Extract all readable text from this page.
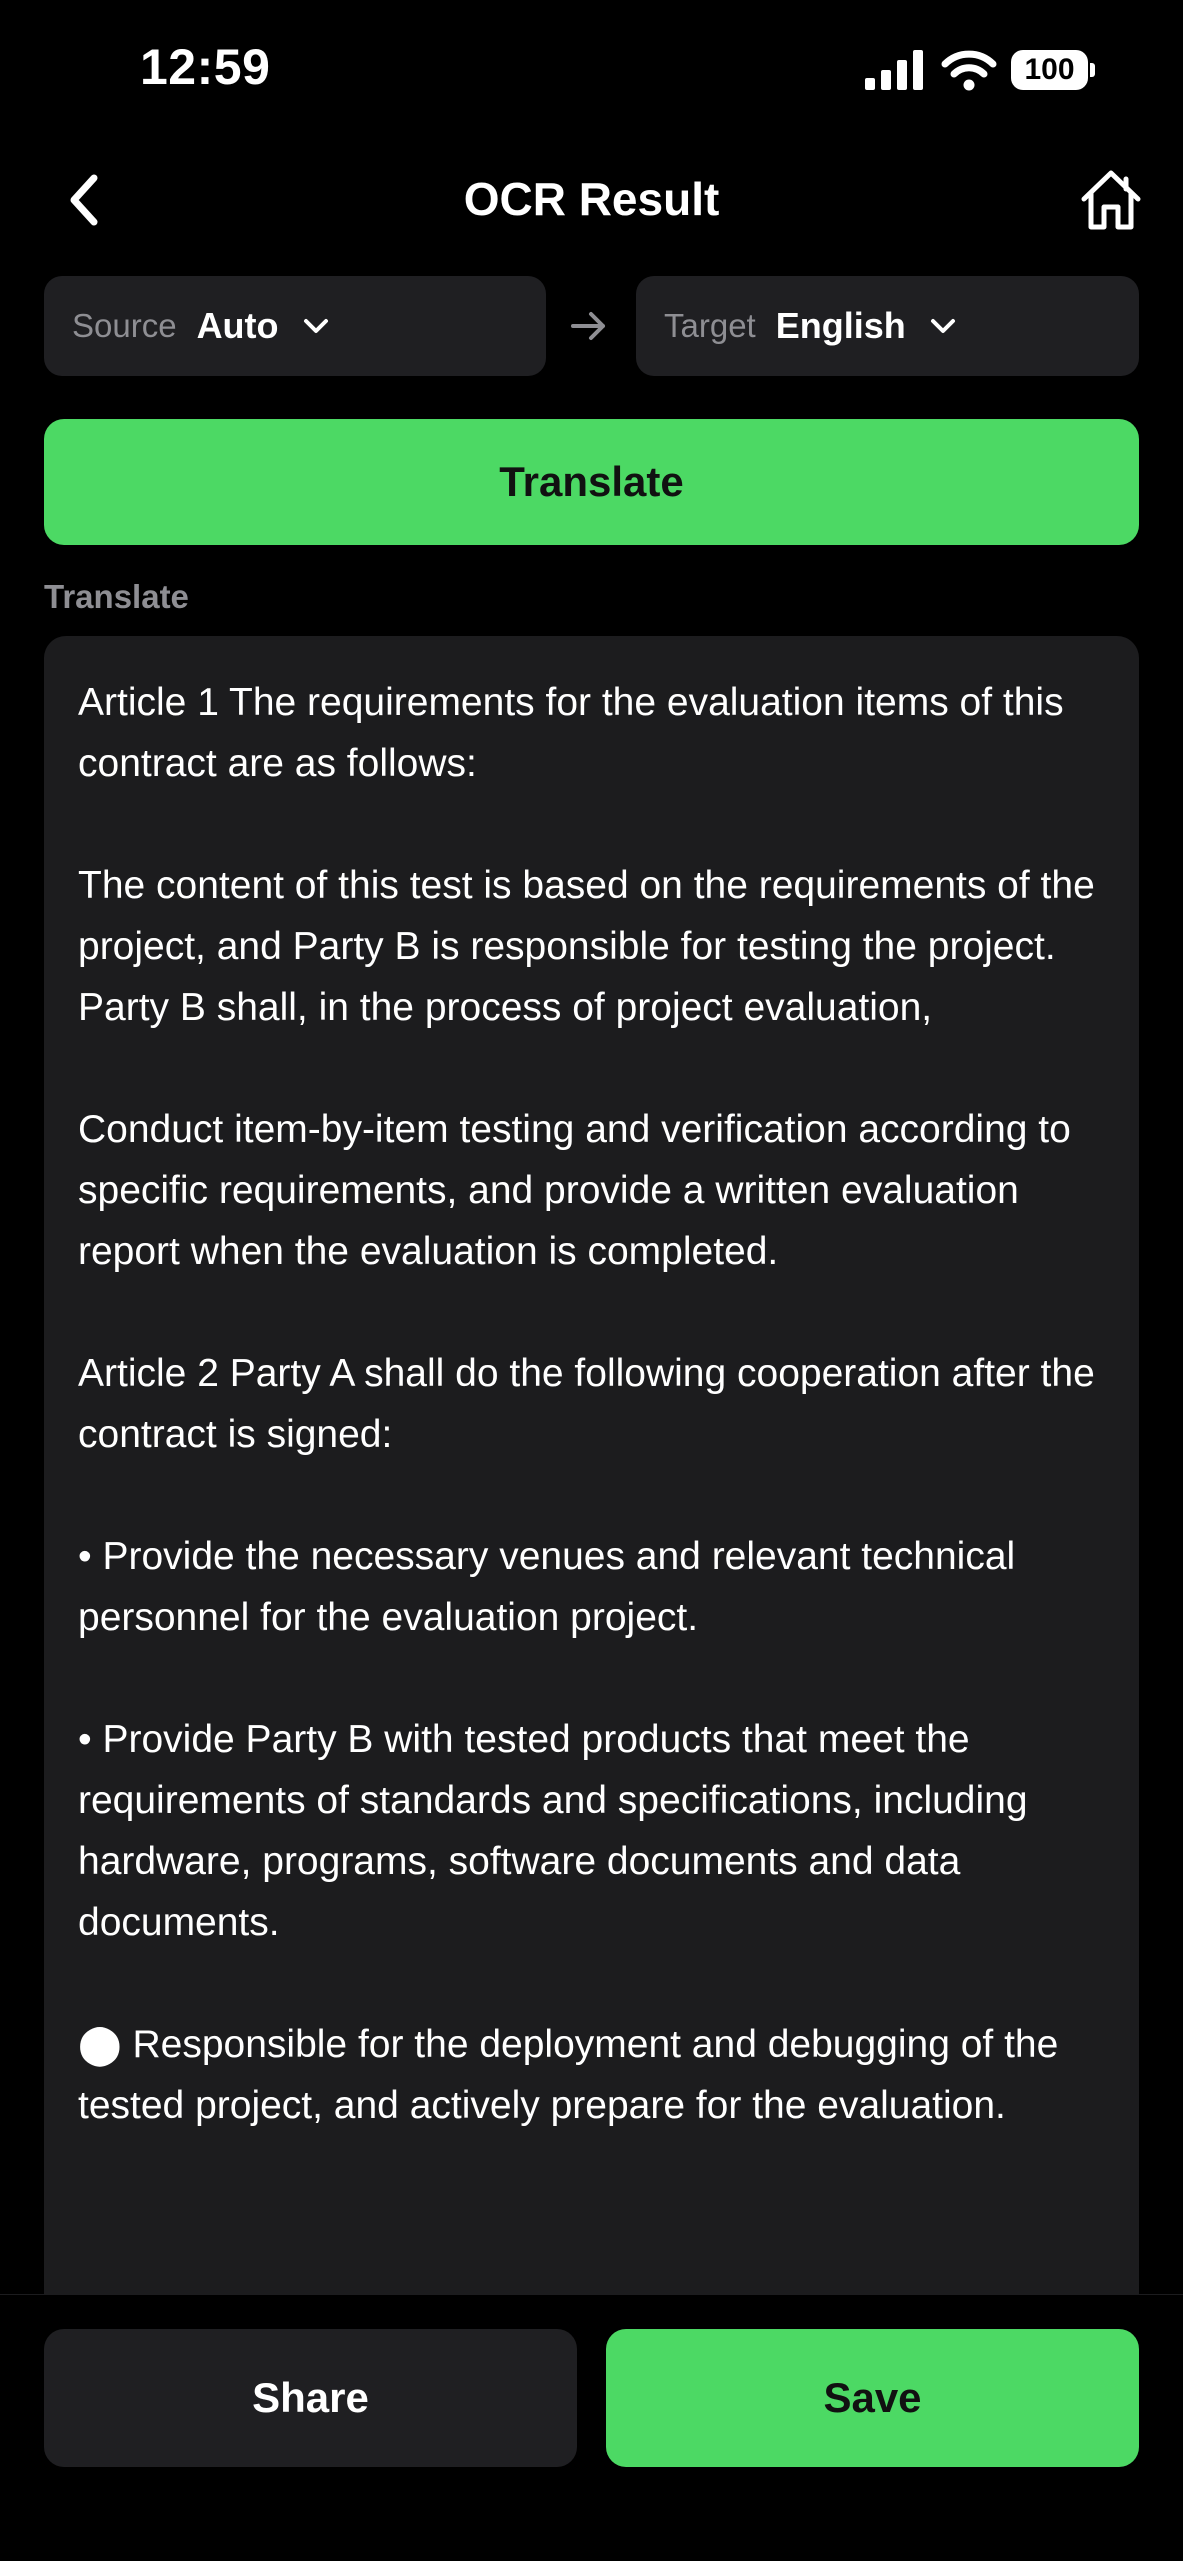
12:59	100
OCR Result
Source Auto	Target English
Translate
Translate

Article 1 The requirements for the evaluation items of this contract are as follows:

The content of this test is based on the requirements of the project, and Party B is responsible for testing the project. Party B shall, in the process of project evaluation,

Conduct item-by-item testing and verification according to specific requirements, and provide a written evaluation report when the evaluation is completed.

Article 2 Party A shall do the following cooperation after the contract is signed:

• Provide the necessary venues and relevant technical personnel for the evaluation project.

• Provide Party B with tested products that meet the requirements of standards and specifications, including hardware, programs, software documents and data documents.

⬤ Responsible for the deployment and debugging of the tested project, and actively prepare for the evaluation.

Share	Save
